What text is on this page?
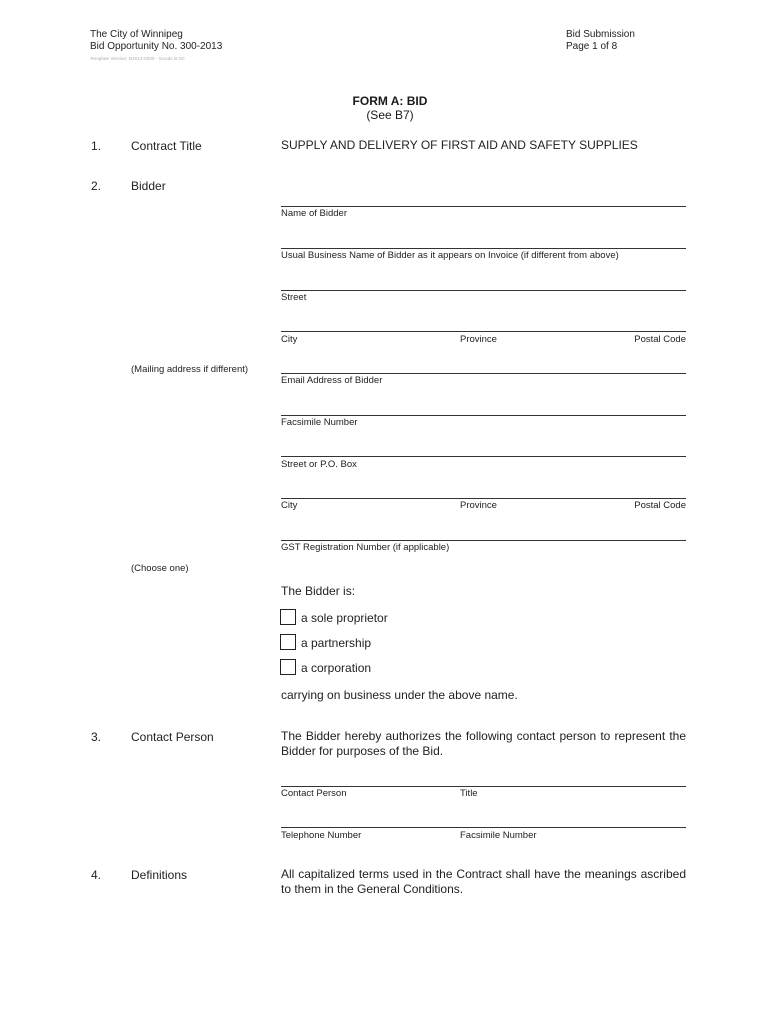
The City of Winnipeg
Bid Opportunity No. 300-2013
Template Version: D2013-0020 - Goods B-SC
Bid Submission
Page 1 of 8
FORM A: BID
(See B7)
1. Contract Title	SUPPLY AND DELIVERY OF FIRST AID AND SAFETY SUPPLIES
2. Bidder
Name of Bidder
Usual Business Name of Bidder as it appears on Invoice (if different from above)
Street
City	Province	Postal Code
(Mailing address if different)
Email Address of Bidder
Facsimile Number
Street or P.O. Box
City	Province	Postal Code
GST Registration Number (if applicable)
(Choose one)
The Bidder is:
a sole proprietor
a partnership
a corporation
carrying on business under the above name.
3. Contact Person	The Bidder hereby authorizes the following contact person to represent the Bidder for purposes of the Bid.
Contact Person	Title
Telephone Number	Facsimile Number
4. Definitions	All capitalized terms used in the Contract shall have the meanings ascribed to them in the General Conditions.
